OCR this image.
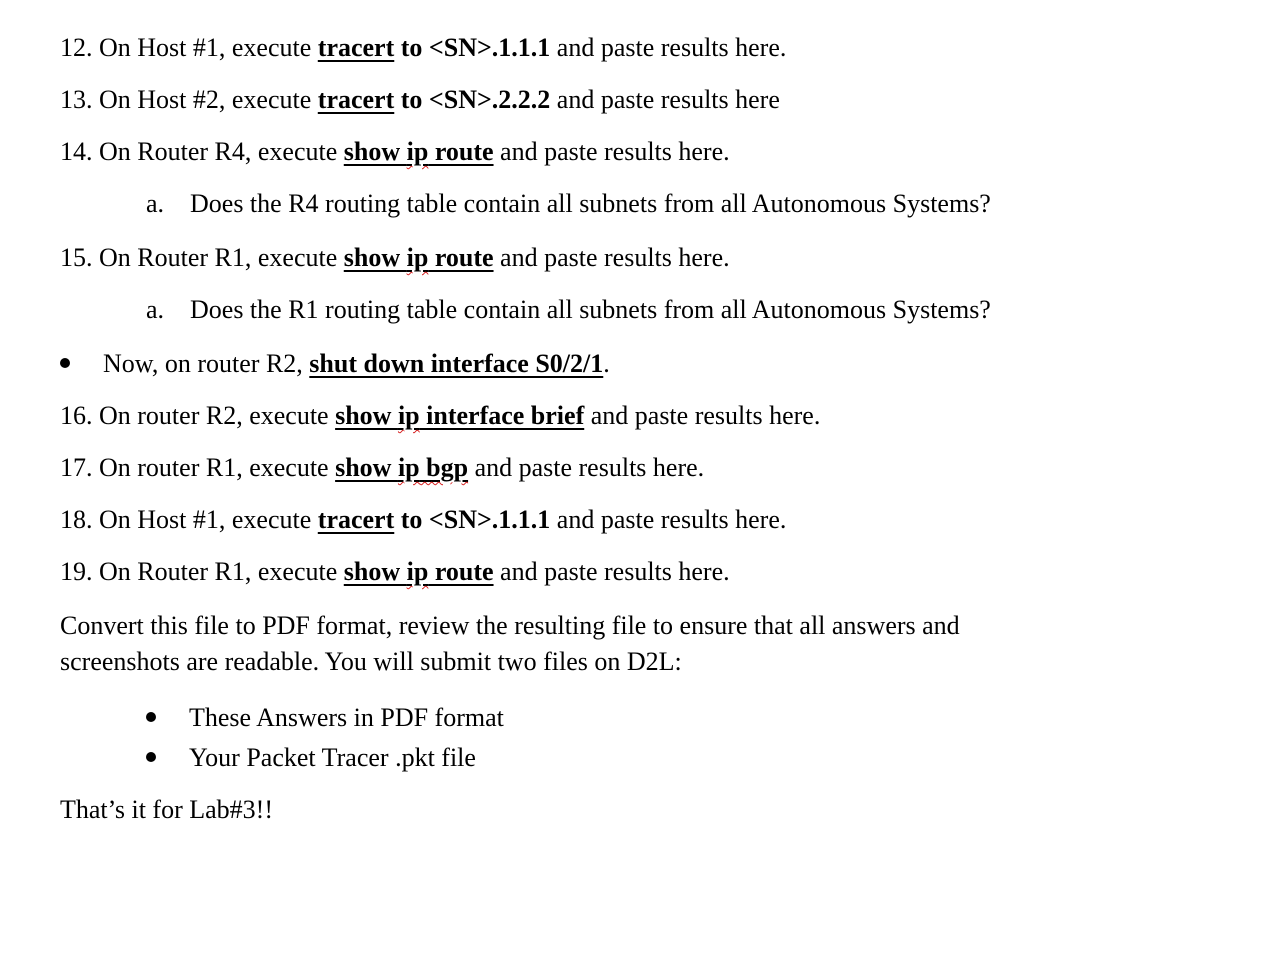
12. On Host #1, execute tracert to <SN>.1.1.1 and paste results here.
13. On Host #2, execute tracert to <SN>.2.2.2 and paste results here
14. On Router R4, execute show ip route and paste results here.
a. Does the R4 routing table contain all subnets from all Autonomous Systems?
15. On Router R1, execute show ip route and paste results here.
a. Does the R1 routing table contain all subnets from all Autonomous Systems?
Now, on router R2, shut down interface S0/2/1.
16. On router R2, execute show ip interface brief and paste results here.
17. On router R1, execute show ip bgp and paste results here.
18. On Host #1, execute tracert to <SN>.1.1.1 and paste results here.
19. On Router R1, execute show ip route and paste results here.
Convert this file to PDF format, review the resulting file to ensure that all answers and screenshots are readable. You will submit two files on D2L:
These Answers in PDF format
Your Packet Tracer .pkt file
That’s it for Lab#3!!
